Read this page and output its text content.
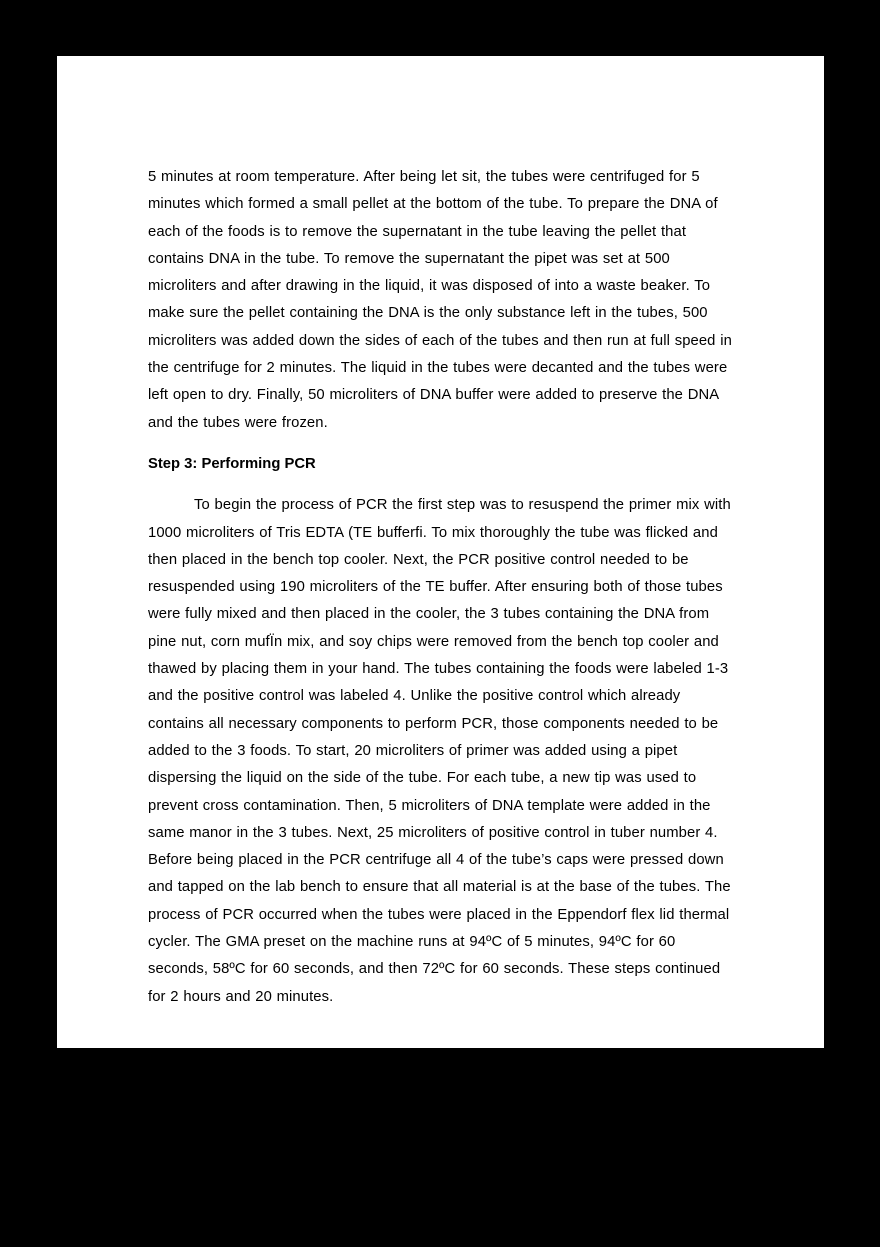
5 minutes at room temperature. After being let sit, the tubes were centrifuged for 5 minutes which formed a small pellet at the bottom of the tube. To prepare the DNA of each of the foods is to remove the supernatant in the tube leaving the pellet that contains DNA in the tube. To remove the supernatant the pipet was set at 500 microliters and after drawing in the liquid, it was disposed of into a waste beaker. To make sure the pellet containing the DNA is the only substance left in the tubes, 500 microliters was added down the sides of each of the tubes and then run at full speed in the centrifuge for 2 minutes. The liquid in the tubes were decanted and the tubes were left open to dry. Finally, 50 microliters of DNA buffer were added to preserve the DNA and the tubes were frozen.

Step 3: Performing PCR

To begin the process of PCR the first step was to resuspend the primer mix with 1000 microliters of Tris EDTA (TE bufferfi. To mix thoroughly the tube was flicked and then placed in the bench top cooler. Next, the PCR positive control needed to be resuspended using 190 microliters of the TE buffer. After ensuring both of those tubes were fully mixed and then placed in the cooler, the 3 tubes containing the DNA from pine nut, corn mufÏn mix, and soy chips were removed from the bench top cooler and thawed by placing them in your hand. The tubes containing the foods were labeled 1-3 and the positive control was labeled 4. Unlike the positive control which already contains all necessary components to perform PCR, those components needed to be added to the 3 foods. To start, 20 microliters of primer was added using a pipet dispersing the liquid on the side of the tube. For each tube, a new tip was used to prevent cross contamination. Then, 5 microliters of DNA template were added in the same manor in the 3 tubes. Next, 25 microliters of positive control in tuber number 4. Before being placed in the PCR centrifuge all 4 of the tube’s caps were pressed down and tapped on the lab bench to ensure that all material is at the base of the tubes. The process of PCR occurred when the tubes were placed in the Eppendorf flex lid thermal cycler. The GMA preset on the machine runs at 94ºC of 5 minutes, 94ºC for 60 seconds, 58ºC for 60 seconds, and then 72ºC for 60 seconds. These steps continued for 2 hours and 20 minutes.
